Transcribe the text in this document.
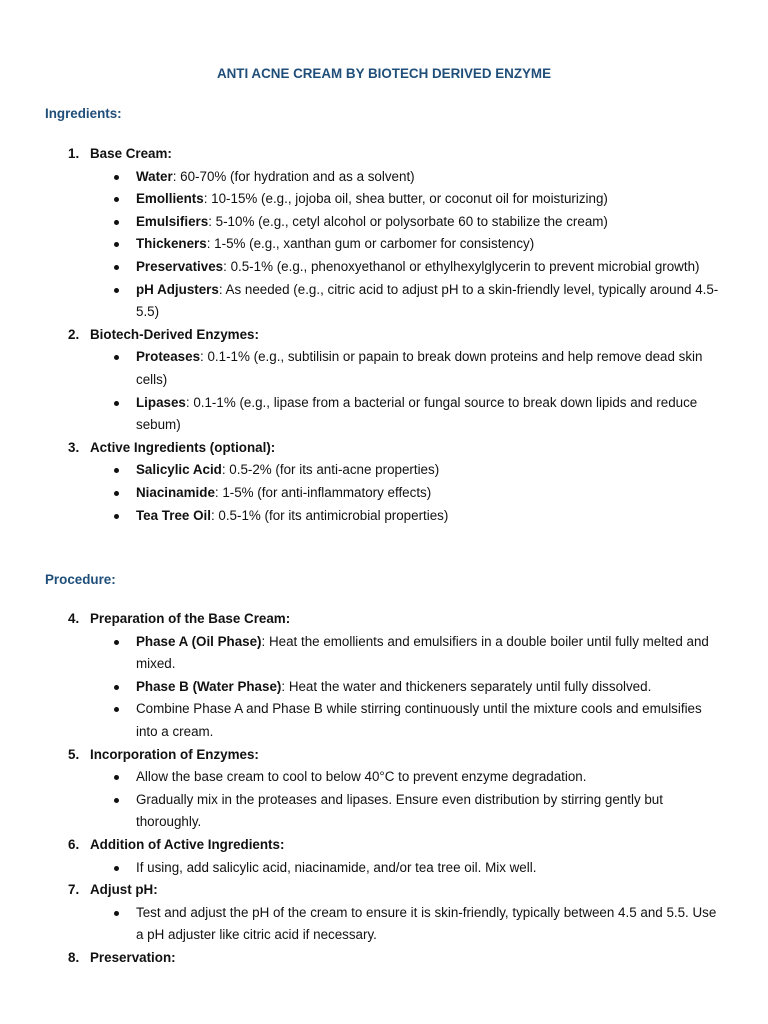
ANTI ACNE CREAM BY BIOTECH DERIVED ENZYME
Ingredients:
1. Base Cream:
Water: 60-70% (for hydration and as a solvent)
Emollients: 10-15% (e.g., jojoba oil, shea butter, or coconut oil for moisturizing)
Emulsifiers: 5-10% (e.g., cetyl alcohol or polysorbate 60 to stabilize the cream)
Thickeners: 1-5% (e.g., xanthan gum or carbomer for consistency)
Preservatives: 0.5-1% (e.g., phenoxyethanol or ethylhexylglycerin to prevent microbial growth)
pH Adjusters: As needed (e.g., citric acid to adjust pH to a skin-friendly level, typically around 4.5-5.5)
2. Biotech-Derived Enzymes:
Proteases: 0.1-1% (e.g., subtilisin or papain to break down proteins and help remove dead skin cells)
Lipases: 0.1-1% (e.g., lipase from a bacterial or fungal source to break down lipids and reduce sebum)
3. Active Ingredients (optional):
Salicylic Acid: 0.5-2% (for its anti-acne properties)
Niacinamide: 1-5% (for anti-inflammatory effects)
Tea Tree Oil: 0.5-1% (for its antimicrobial properties)
Procedure:
4. Preparation of the Base Cream:
Phase A (Oil Phase): Heat the emollients and emulsifiers in a double boiler until fully melted and mixed.
Phase B (Water Phase): Heat the water and thickeners separately until fully dissolved.
Combine Phase A and Phase B while stirring continuously until the mixture cools and emulsifies into a cream.
5. Incorporation of Enzymes:
Allow the base cream to cool to below 40°C to prevent enzyme degradation.
Gradually mix in the proteases and lipases. Ensure even distribution by stirring gently but thoroughly.
6. Addition of Active Ingredients:
If using, add salicylic acid, niacinamide, and/or tea tree oil. Mix well.
7. Adjust pH:
Test and adjust the pH of the cream to ensure it is skin-friendly, typically between 4.5 and 5.5. Use a pH adjuster like citric acid if necessary.
8. Preservation:
